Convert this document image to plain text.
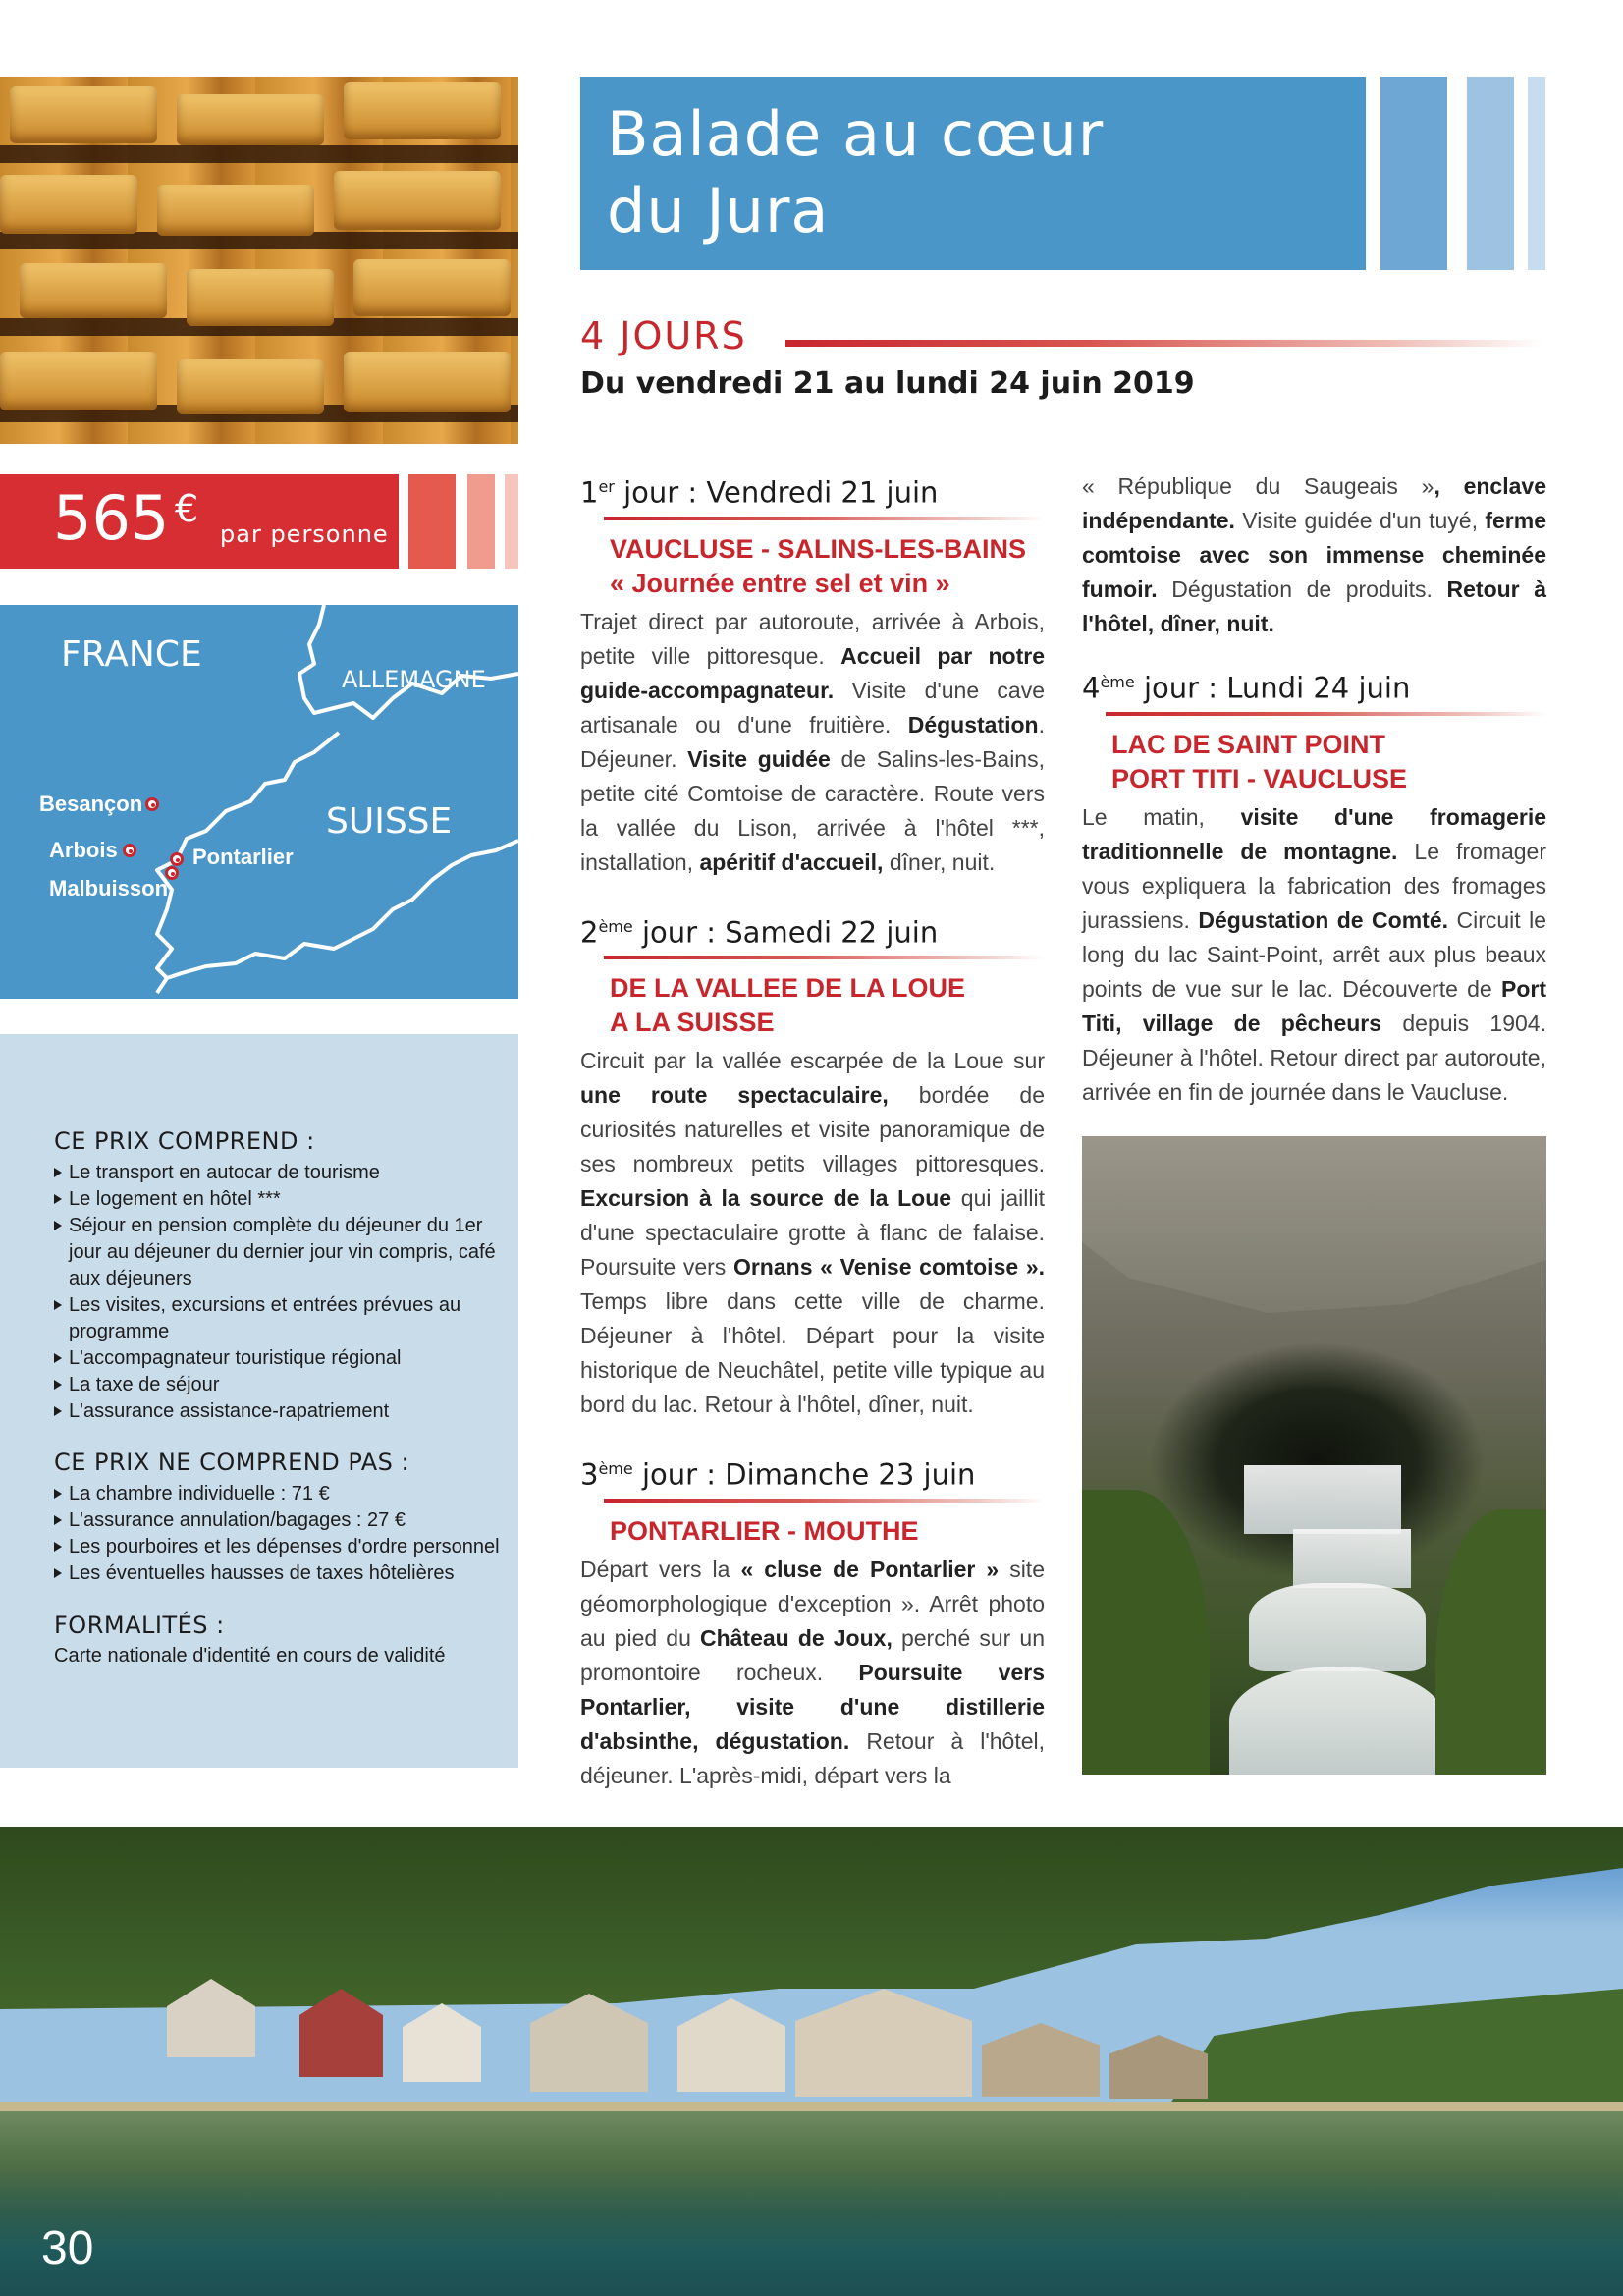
Balade au cœur
du Jura
4 JOURS
Du vendredi 21 au lundi 24 juin 2019
565 €
par personne
FRANCE
ALLEMAGNE
SUISSE
Besançon
Arbois	Pontarlier
Malbuisson
CE PRIX COMPREND :
Le transport en autocar de tourisme
Le logement en hôtel ***
Séjour en pension complète du déjeuner du 1er jour au déjeuner du dernier jour vin compris, café aux déjeuners
Les visites, excursions et entrées prévues au programme
L'accompagnateur touristique régional
La taxe de séjour
L'assurance assistance-rapatriement
CE PRIX NE COMPREND PAS :
La chambre individuelle : 71 €
L'assurance annulation/bagages : 27 €
Les pourboires et les dépenses d'ordre personnel
Les éventuelles hausses de taxes hôtelières
FORMALITÉS :
Carte nationale d'identité en cours de validité
1er jour : Vendredi 21 juin
VAUCLUSE - SALINS-LES-BAINS
« Journée entre sel et vin »

Trajet direct par autoroute, arrivée à Arbois, petite ville pittoresque. Accueil par notre guide-accompagnateur. Visite d'une cave artisanale ou d'une fruitière. Dégustation. Déjeuner. Visite guidée de Salins-les-Bains, petite cité Comtoise de caractère. Route vers la vallée du Lison, arrivée à l'hôtel ***, installation, apéritif d'accueil, dîner, nuit.

2ème jour : Samedi 22 juin
DE LA VALLEE DE LA LOUE
A LA SUISSE

Circuit par la vallée escarpée de la Loue sur une route spectaculaire, bordée de curiosités naturelles et visite panoramique de ses nombreux petits villages pittoresques. Excursion à la source de la Loue qui jaillit d'une spectaculaire grotte à flanc de falaise. Poursuite vers Ornans « Venise comtoise ». Temps libre dans cette ville de charme. Déjeuner à l'hôtel. Départ pour la visite historique de Neuchâtel, petite ville typique au bord du lac. Retour à l'hôtel, dîner, nuit.

3ème jour : Dimanche 23 juin
PONTARLIER - MOUTHE

Départ vers la « cluse de Pontarlier » site géomorphologique d'exception ». Arrêt photo au pied du Château de Joux, perché sur un promontoire rocheux. Poursuite vers Pontarlier, visite d'une distillerie d'absinthe, dégustation. Retour à l'hôtel, déjeuner. L'après-midi, départ vers la

« République du Saugeais », enclave indépendante. Visite guidée d'un tuyé, ferme comtoise avec son immense cheminée fumoir. Dégustation de produits. Retour à l'hôtel, dîner, nuit.

4ème jour : Lundi 24 juin
LAC DE SAINT POINT
PORT TITI - VAUCLUSE

Le matin, visite d'une fromagerie traditionnelle de montagne. Le fromager vous expliquera la fabrication des fromages jurassiens. Dégustation de Comté. Circuit le long du lac Saint-Point, arrêt aux plus beaux points de vue sur le lac. Découverte de Port Titi, village de pêcheurs depuis 1904. Déjeuner à l'hôtel. Retour direct par autoroute, arrivée en fin de journée dans le Vaucluse.

30
